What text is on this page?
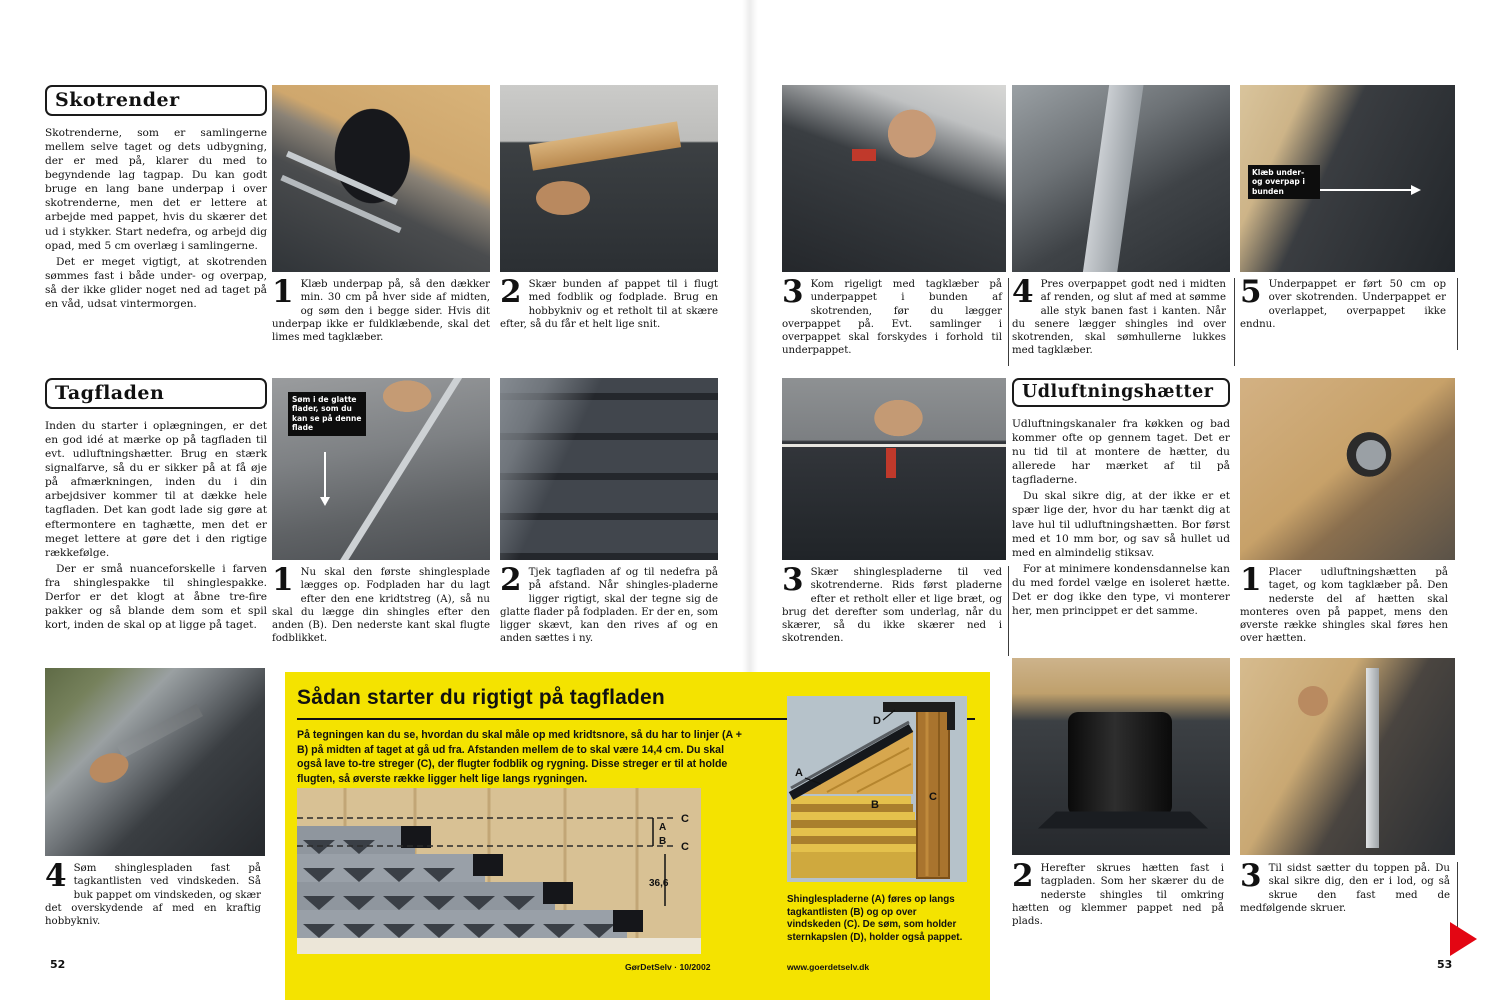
Skotrender

Skotrenderne, som er samlingerne mellem selve taget og dets udbygning, der er med på, klarer du med to begyndende lag tagpap. Du kan godt bruge en lang bane underpap i over skotrenderne, men det er lettere at arbejde med pappet, hvis du skærer det ud i stykker. Start nedefra, og arbejd dig opad, med 5 cm overlæg i samlingerne.

Det er meget vigtigt, at skotrenden sømmes fast i både under- og overpap, så der ikke glider noget ned ad taget på en våd, udsat vintermorgen.

Klæb under- og overpap i bunden
1 Klæb underpap på, så den dækker min. 30 cm på hver side af midten, og søm den i begge sider. Hvis dit underpap ikke er fuldklæbende, skal det limes med tagklæber.
2 Skær bunden af pappet til i flugt med fodblik og fodplade. Brug en hobbykniv og et retholt til at skære efter, så du får et helt lige snit.
3 Kom rigeligt med tagklæber på underpappet i bunden af skotrenden, før du lægger overpappet på. Evt. samlinger i overpappet skal forskydes i forhold til underpappet.
4 Pres overpappet godt ned i midten af renden, og slut af med at sømme alle styk banen fast i kanten. Når du senere lægger shingles ind over skotrenden, skal sømhullerne lukkes med tagklæber.
5 Underpappet er ført 50 cm op over skotrenden. Underpappet er overlappet, overpappet ikke endnu.
Tagfladen

Inden du starter i oplægningen, er det en god idé at mærke op på tagfladen til evt. udluftningshætter. Brug en stærk signalfarve, så du er sikker på at få øje på afmærkningen, inden du i din arbejdsiver kommer til at dække hele tagfladen. Det kan godt lade sig gøre at eftermontere en taghætte, men det er meget lettere at gøre det i den rigtige rækkefølge.

Der er små nuanceforskelle i farven fra shinglespakke til shinglespakke. Derfor er det klogt at åbne tre-fire pakker og så blande dem som et spil kort, inden de skal op at ligge på taget.

Søm i de glatte flader, som du kan se på denne flade
Udluftningshætter

Udluftningskanaler fra køkken og bad kommer ofte op gennem taget. Det er nu tid til at montere de hætter, du allerede har mærket af til på tagfladerne.

Du skal sikre dig, at der ikke er et spær lige der, hvor du har tænkt dig at lave hul til udluftningshætten. Bor først med et 10 mm bor, og sav så hullet ud med en almindelig stiksav.

For at minimere kondensdannelse kan du med fordel vælge en isoleret hætte. Det er dog ikke den type, vi monterer her, men princippet er det samme.

1 Nu skal den første shinglesplade lægges op. Fodpladen har du lagt efter den ene kridtstreg (A), så nu skal du lægge din shingles efter den anden (B). Den nederste kant skal flugte fodblikket.
2 Tjek tagfladen af og til nedefra på på afstand. Når shingles-pladerne ligger rigtigt, skal der tegne sig de glatte flader på fodpladen. Er der en, som ligger skævt, kan den rives af og en anden sættes i ny.
3 Skær shinglespladerne til ved skotrenderne. Rids først pladerne efter et retholt eller et lige bræt, og brug det derefter som underlag, når du skærer, så du ikke skærer ned i skotrenden.
1 Placer udluftningshætten på taget, og kom tagklæber på. Den nederste del af hætten skal monteres oven på pappet, mens den øverste række shingles skal føres hen over hætten.
4 Søm shinglespladen fast på tagkantlisten ved vindskeden. Så buk pappet om vindskeden, og skær det overskydende af med en kraftig hobbykniv.
Sådan starter du rigtigt på tagfladen
På tegningen kan du se, hvordan du skal måle op med kridtsnore, så du har to linjer (A + B) på midten af taget at gå ud fra. Afstanden mellem de to skal være 14,4 cm. Du skal også lave to-tre streger (C), der flugter fodblik og rygning. Disse streger er til at holde flugten, så øverste række ligger helt lige langs rygningen.
C
C
A
B
36,6
D
A
B
C
Shinglespladerne (A) føres op langs tagkantlisten (B) og op over vindskeden (C). De søm, som holder sternkapslen (D), holder også pappet.
GørDetSelv · 10/2002	www.goerdetselv.dk
2 Herefter skrues hætten fast i tagpladen. Som her skærer du de nederste shingles til omkring hætten og klemmer pappet ned på plads.
3 Til sidst sætter du toppen på. Du skal sikre dig, den er i lod, og så skrue den fast med de medfølgende skruer.
52	53
